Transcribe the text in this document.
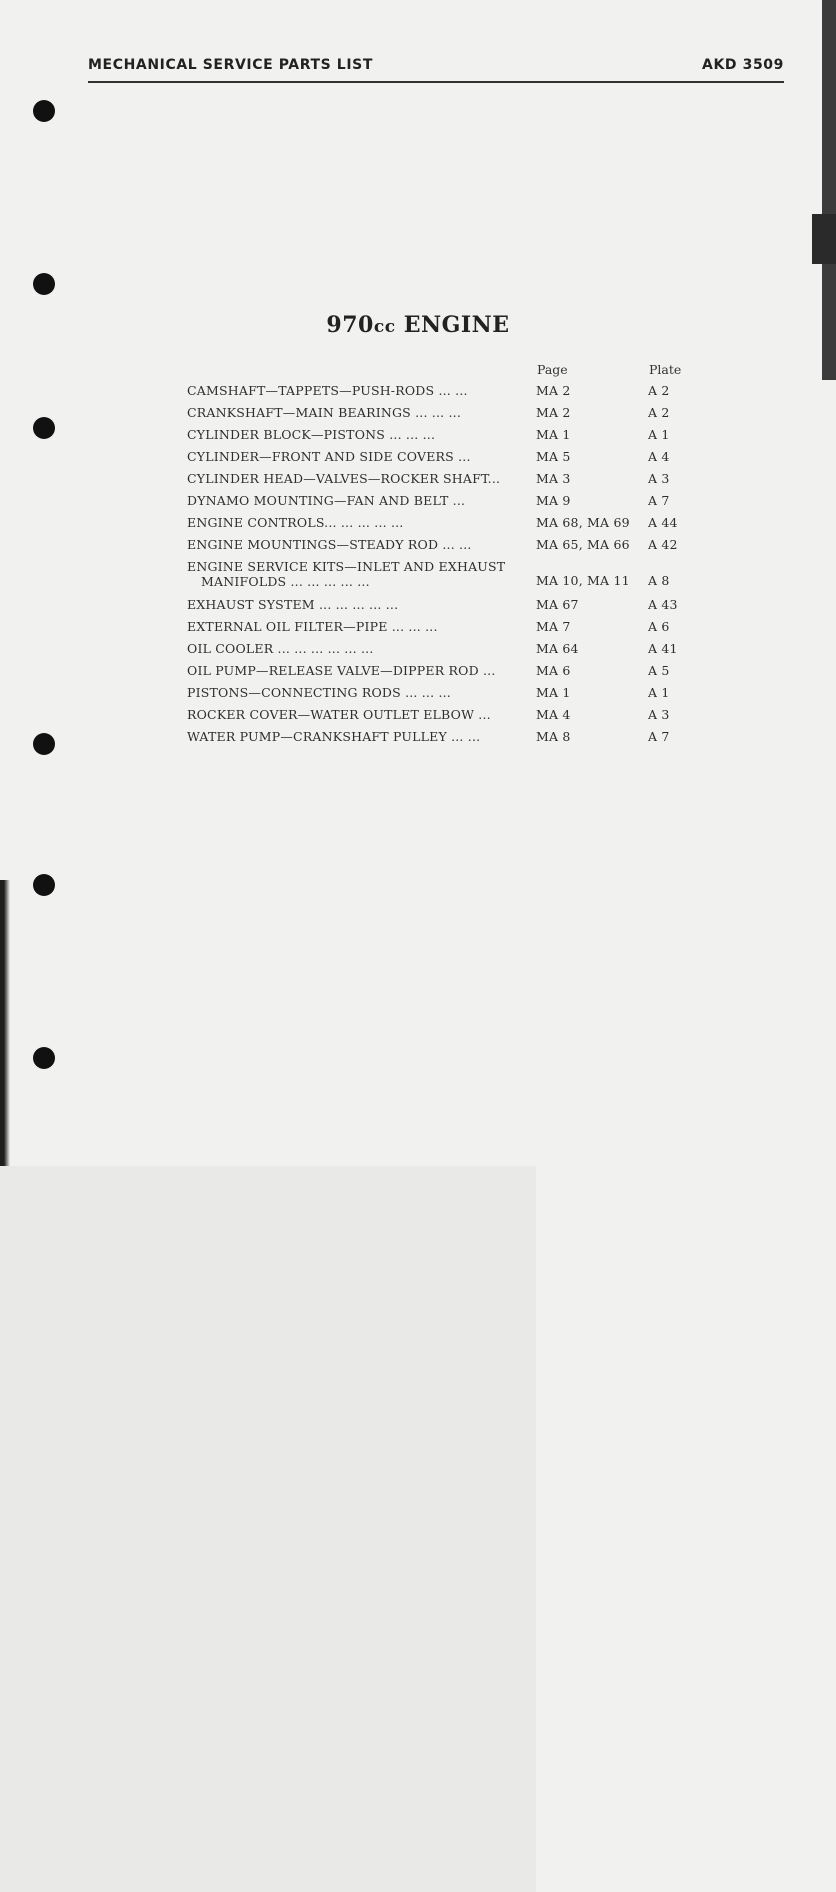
MECHANICAL SERVICE PARTS LIST	AKD 3509
970cc ENGINE
Page	Plate
CAMSHAFT—TAPPETS—PUSH-RODS ... ...	MA 2	A 2
CRANKSHAFT—MAIN BEARINGS ... ... ...	MA 2	A 2
CYLINDER BLOCK—PISTONS ... ... ...	MA 1	A 1
CYLINDER—FRONT AND SIDE COVERS ...	MA 5	A 4
CYLINDER HEAD—VALVES—ROCKER SHAFT...	MA 3	A 3
DYNAMO MOUNTING—FAN AND BELT ...	MA 9	A 7
ENGINE CONTROLS... ... ... ... ...	MA 68, MA 69	A 44
ENGINE MOUNTINGS—STEADY ROD ... ...	MA 65, MA 66	A 42
ENGINE SERVICE KITS—INLET AND EXHAUST
MANIFOLDS ... ... ... ... ...	MA 10, MA 11	A 8
EXHAUST SYSTEM ... ... ... ... ...	MA 67	A 43
EXTERNAL OIL FILTER—PIPE ... ... ...	MA 7	A 6
OIL COOLER ... ... ... ... ... ...	MA 64	A 41
OIL PUMP—RELEASE VALVE—DIPPER ROD ...	MA 6	A 5
PISTONS—CONNECTING RODS ... ... ...	MA 1	A 1
ROCKER COVER—WATER OUTLET ELBOW ...	MA 4	A 3
WATER PUMP—CRANKSHAFT PULLEY ... ...	MA 8	A 7
